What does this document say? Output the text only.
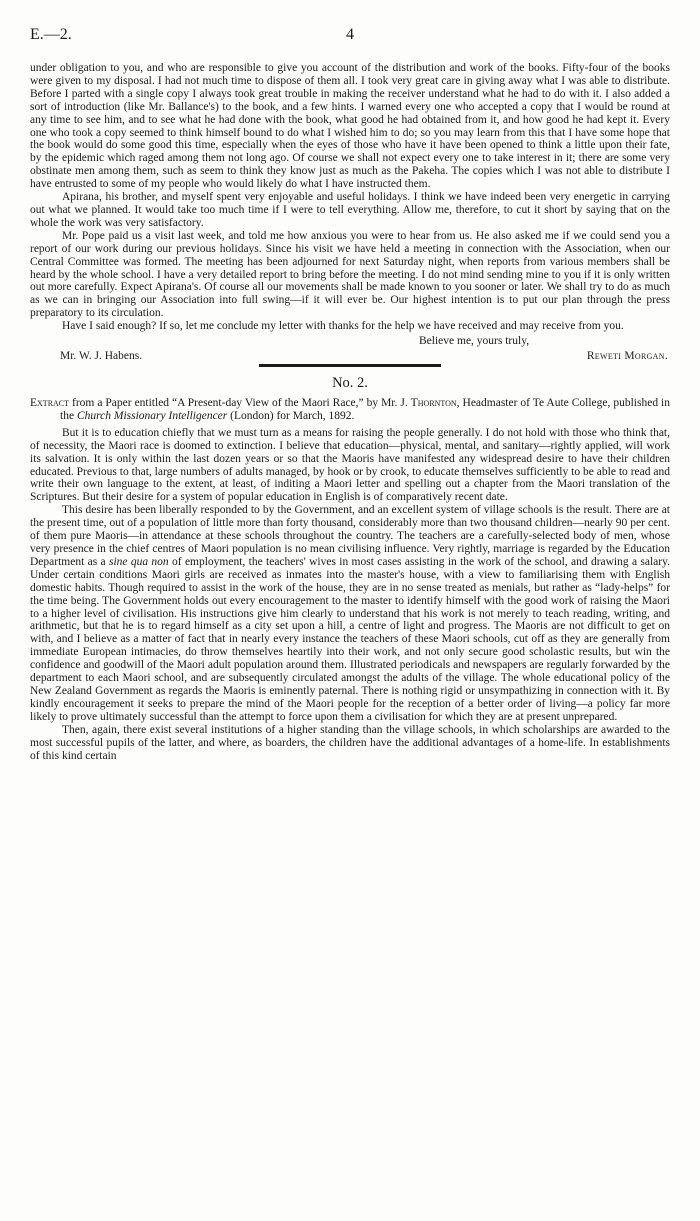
E.—2.	4

under obligation to you, and who are responsible to give you account of the distribution and work of the books. Fifty-four of the books were given to my disposal. I had not much time to dispose of them all. I took very great care in giving away what I was able to distribute. Before I parted with a single copy I always took great trouble in making the receiver understand what he had to do with it. I also added a sort of introduction (like Mr. Ballance's) to the book, and a few hints. I warned every one who accepted a copy that I would be round at any time to see him, and to see what he had done with the book, what good he had obtained from it, and how good he had kept it. Every one who took a copy seemed to think himself bound to do what I wished him to do; so you may learn from this that I have some hope that the book would do some good this time, especially when the eyes of those who have it have been opened to think a little upon their fate, by the epidemic which raged among them not long ago. Of course we shall not expect every one to take interest in it; there are some very obstinate men among them, such as seem to think they know just as much as the Pakeha. The copies which I was not able to distribute I have entrusted to some of my people who would likely do what I have instructed them.

Apirana, his brother, and myself spent very enjoyable and useful holidays. I think we have indeed been very energetic in carrying out what we planned. It would take too much time if I were to tell everything. Allow me, therefore, to cut it short by saying that on the whole the work was very satisfactory.

Mr. Pope paid us a visit last week, and told me how anxious you were to hear from us. He also asked me if we could send you a report of our work during our previous holidays. Since his visit we have held a meeting in connection with the Association, when our Central Committee was formed. The meeting has been adjourned for next Saturday night, when reports from various members shall be heard by the whole school. I have a very detailed report to bring before the meeting. I do not mind sending mine to you if it is only written out more carefully. Expect Apirana's. Of course all our movements shall be made known to you sooner or later. We shall try to do as much as we can in bringing our Association into full swing—if it will ever be. Our highest intention is to put our plan through the press preparatory to its circulation.

Have I said enough? If so, let me conclude my letter with thanks for the help we have received and may receive from you.

Believe me, yours truly,
Mr. W. J. Habens.	Reweti Morgan.
No. 2.
Extract from a Paper entitled “A Present-day View of the Maori Race,” by Mr. J. Thornton, Headmaster of Te Aute College, published in the Church Missionary Intelligencer (London) for March, 1892.

But it is to education chiefly that we must turn as a means for raising the people generally. I do not hold with those who think that, of necessity, the Maori race is doomed to extinction. I believe that education—physical, mental, and sanitary—rightly applied, will work its salvation. It is only within the last dozen years or so that the Maoris have manifested any widespread desire to have their children educated. Previous to that, large numbers of adults managed, by hook or by crook, to educate themselves sufficiently to be able to read and write their own language to the extent, at least, of inditing a Maori letter and spelling out a chapter from the Maori translation of the Scriptures. But their desire for a system of popular education in English is of comparatively recent date.

This desire has been liberally responded to by the Government, and an excellent system of village schools is the result. There are at the present time, out of a population of little more than forty thousand, considerably more than two thousand children—nearly 90 per cent. of them pure Maoris—in attendance at these schools throughout the country. The teachers are a carefully-selected body of men, whose very presence in the chief centres of Maori population is no mean civilising influence. Very rightly, marriage is regarded by the Education Department as a sine qua non of employment, the teachers' wives in most cases assisting in the work of the school, and drawing a salary. Under certain conditions Maori girls are received as inmates into the master's house, with a view to familiarising them with English domestic habits. Though required to assist in the work of the house, they are in no sense treated as menials, but rather as “lady-helps” for the time being. The Government holds out every encouragement to the master to identify himself with the good work of raising the Maori to a higher level of civilisation. His instructions give him clearly to understand that his work is not merely to teach reading, writing, and arithmetic, but that he is to regard himself as a city set upon a hill, a centre of light and progress. The Maoris are not difficult to get on with, and I believe as a matter of fact that in nearly every instance the teachers of these Maori schools, cut off as they are generally from immediate European intimacies, do throw themselves heartily into their work, and not only secure good scholastic results, but win the confidence and goodwill of the Maori adult population around them. Illustrated periodicals and newspapers are regularly forwarded by the department to each Maori school, and are subsequently circulated amongst the adults of the village. The whole educational policy of the New Zealand Government as regards the Maoris is eminently paternal. There is nothing rigid or unsympathizing in connection with it. By kindly encouragement it seeks to prepare the mind of the Maori people for the reception of a better order of living—a policy far more likely to prove ultimately successful than the attempt to force upon them a civilisation for which they are at present unprepared.

Then, again, there exist several institutions of a higher standing than the village schools, in which scholarships are awarded to the most successful pupils of the latter, and where, as boarders, the children have the additional advantages of a home-life. In establishments of this kind certain
